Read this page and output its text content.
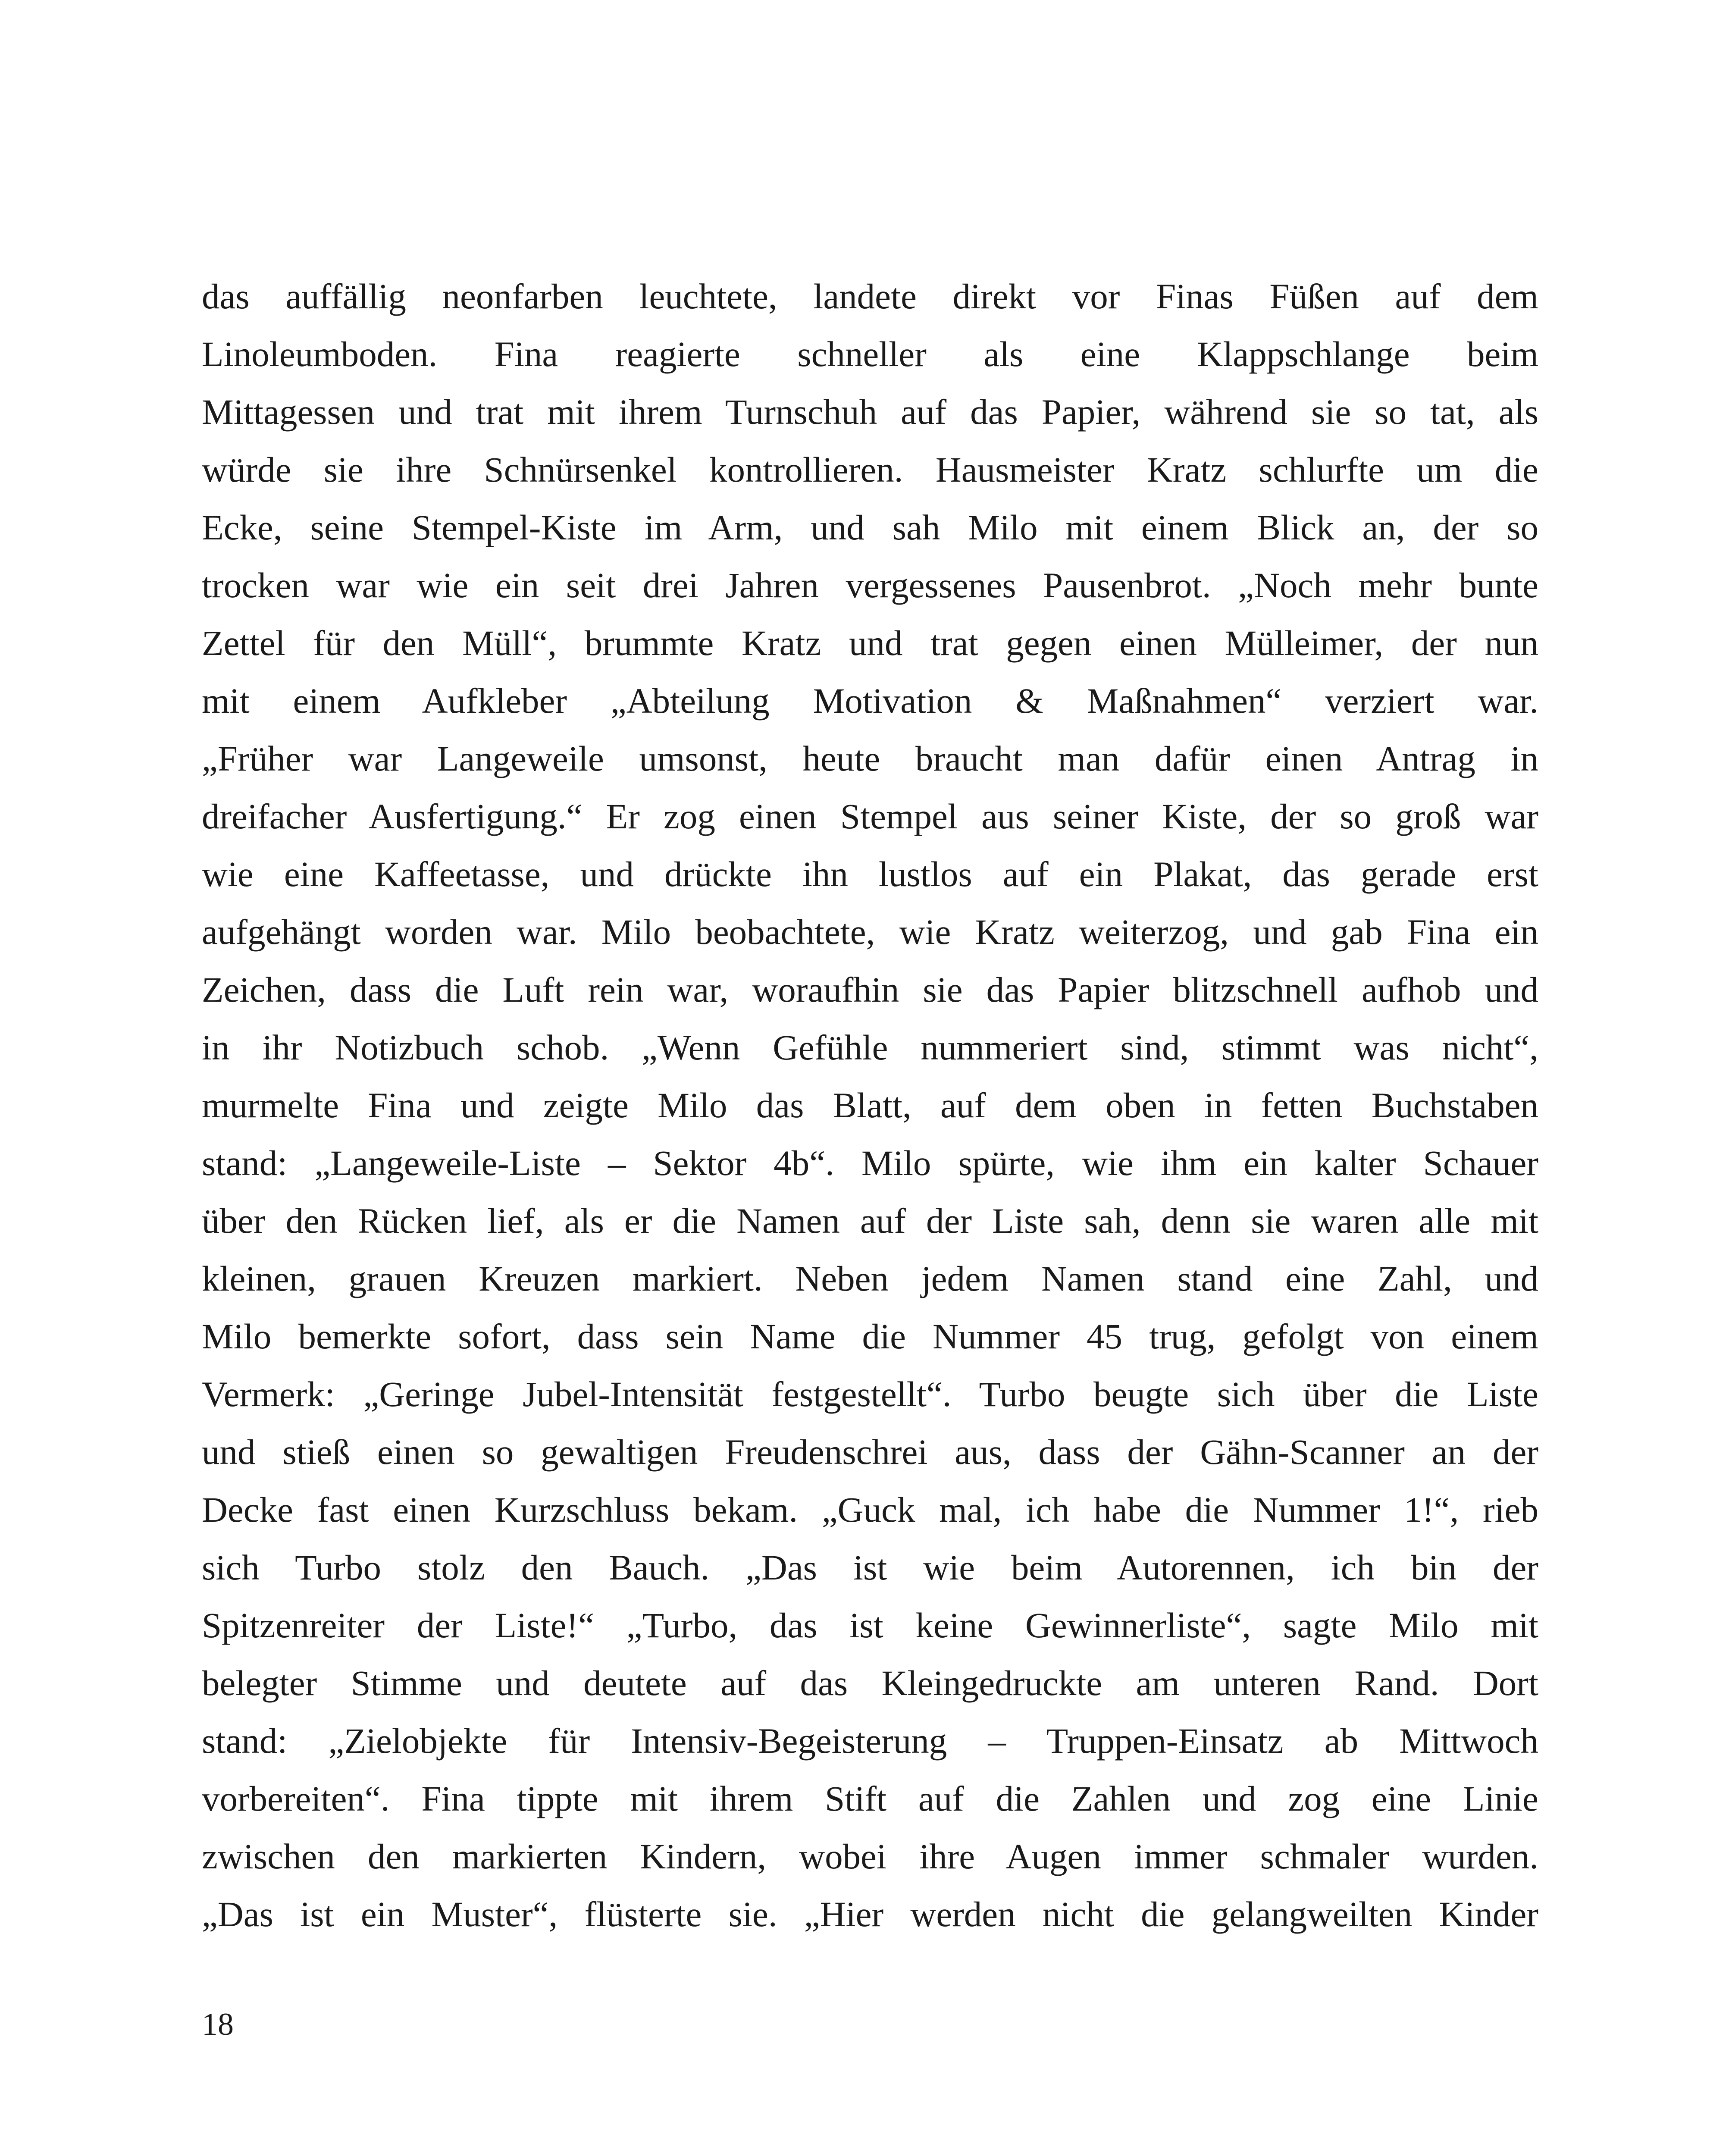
das auffällig neonfarben leuchtete, landete direkt vor Finas Füßen auf dem
Linoleumboden. Fina reagierte schneller als eine Klappschlange beim
Mittagessen und trat mit ihrem Turnschuh auf das Papier, während sie so tat, als
würde sie ihre Schnürsenkel kontrollieren. Hausmeister Kratz schlurfte um die
Ecke, seine Stempel-Kiste im Arm, und sah Milo mit einem Blick an, der so
trocken war wie ein seit drei Jahren vergessenes Pausenbrot. „Noch mehr bunte
Zettel für den Müll“, brummte Kratz und trat gegen einen Mülleimer, der nun
mit einem Aufkleber „Abteilung Motivation & Maßnahmen“ verziert war.
„Früher war Langeweile umsonst, heute braucht man dafür einen Antrag in
dreifacher Ausfertigung.“ Er zog einen Stempel aus seiner Kiste, der so groß war
wie eine Kaffeetasse, und drückte ihn lustlos auf ein Plakat, das gerade erst
aufgehängt worden war. Milo beobachtete, wie Kratz weiterzog, und gab Fina ein
Zeichen, dass die Luft rein war, woraufhin sie das Papier blitzschnell aufhob und
in ihr Notizbuch schob. „Wenn Gefühle nummeriert sind, stimmt was nicht“,
murmelte Fina und zeigte Milo das Blatt, auf dem oben in fetten Buchstaben
stand: „Langeweile-Liste – Sektor 4b“. Milo spürte, wie ihm ein kalter Schauer
über den Rücken lief, als er die Namen auf der Liste sah, denn sie waren alle mit
kleinen, grauen Kreuzen markiert. Neben jedem Namen stand eine Zahl, und
Milo bemerkte sofort, dass sein Name die Nummer 45 trug, gefolgt von einem
Vermerk: „Geringe Jubel-Intensität festgestellt“. Turbo beugte sich über die Liste
und stieß einen so gewaltigen Freudenschrei aus, dass der Gähn-Scanner an der
Decke fast einen Kurzschluss bekam. „Guck mal, ich habe die Nummer 1!“, rieb
sich Turbo stolz den Bauch. „Das ist wie beim Autorennen, ich bin der
Spitzenreiter der Liste!“ „Turbo, das ist keine Gewinnerliste“, sagte Milo mit
belegter Stimme und deutete auf das Kleingedruckte am unteren Rand. Dort
stand: „Zielobjekte für Intensiv-Begeisterung – Truppen-Einsatz ab Mittwoch
vorbereiten“. Fina tippte mit ihrem Stift auf die Zahlen und zog eine Linie
zwischen den markierten Kindern, wobei ihre Augen immer schmaler wurden.
„Das ist ein Muster“, flüsterte sie. „Hier werden nicht die gelangweilten Kinder
18
